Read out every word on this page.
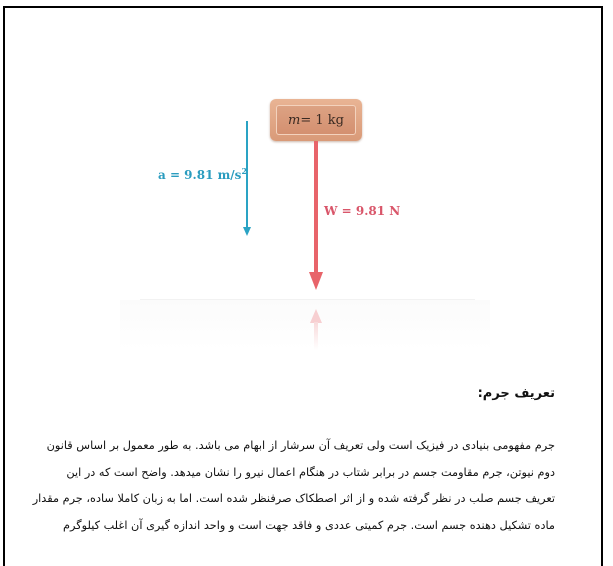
m = 1 kg
W = 9.81 N
a = 9.81 $m/s^2$
تعریف جرم:

جرم مفهومی بنیادی در فیزیک است ولی تعریف آن سرشار از ابهام می باشد. به طور معمول بر اساس قانون

دوم نیوتن، جرم مقاومت جسم در برابر شتاب در هنگام اعمال نیرو را نشان میدهد. واضح است که در این

تعریف جسم صلب در نظر گرفته شده و از اثر اصطکاک صرفنظر شده است. اما به زبان کاملا ساده، جرم مقدار

ماده تشکیل دهنده جسم است. جرم کمیتی عددی و فاقد جهت است و واحد اندازه گیری آن اغلب کیلوگرم
